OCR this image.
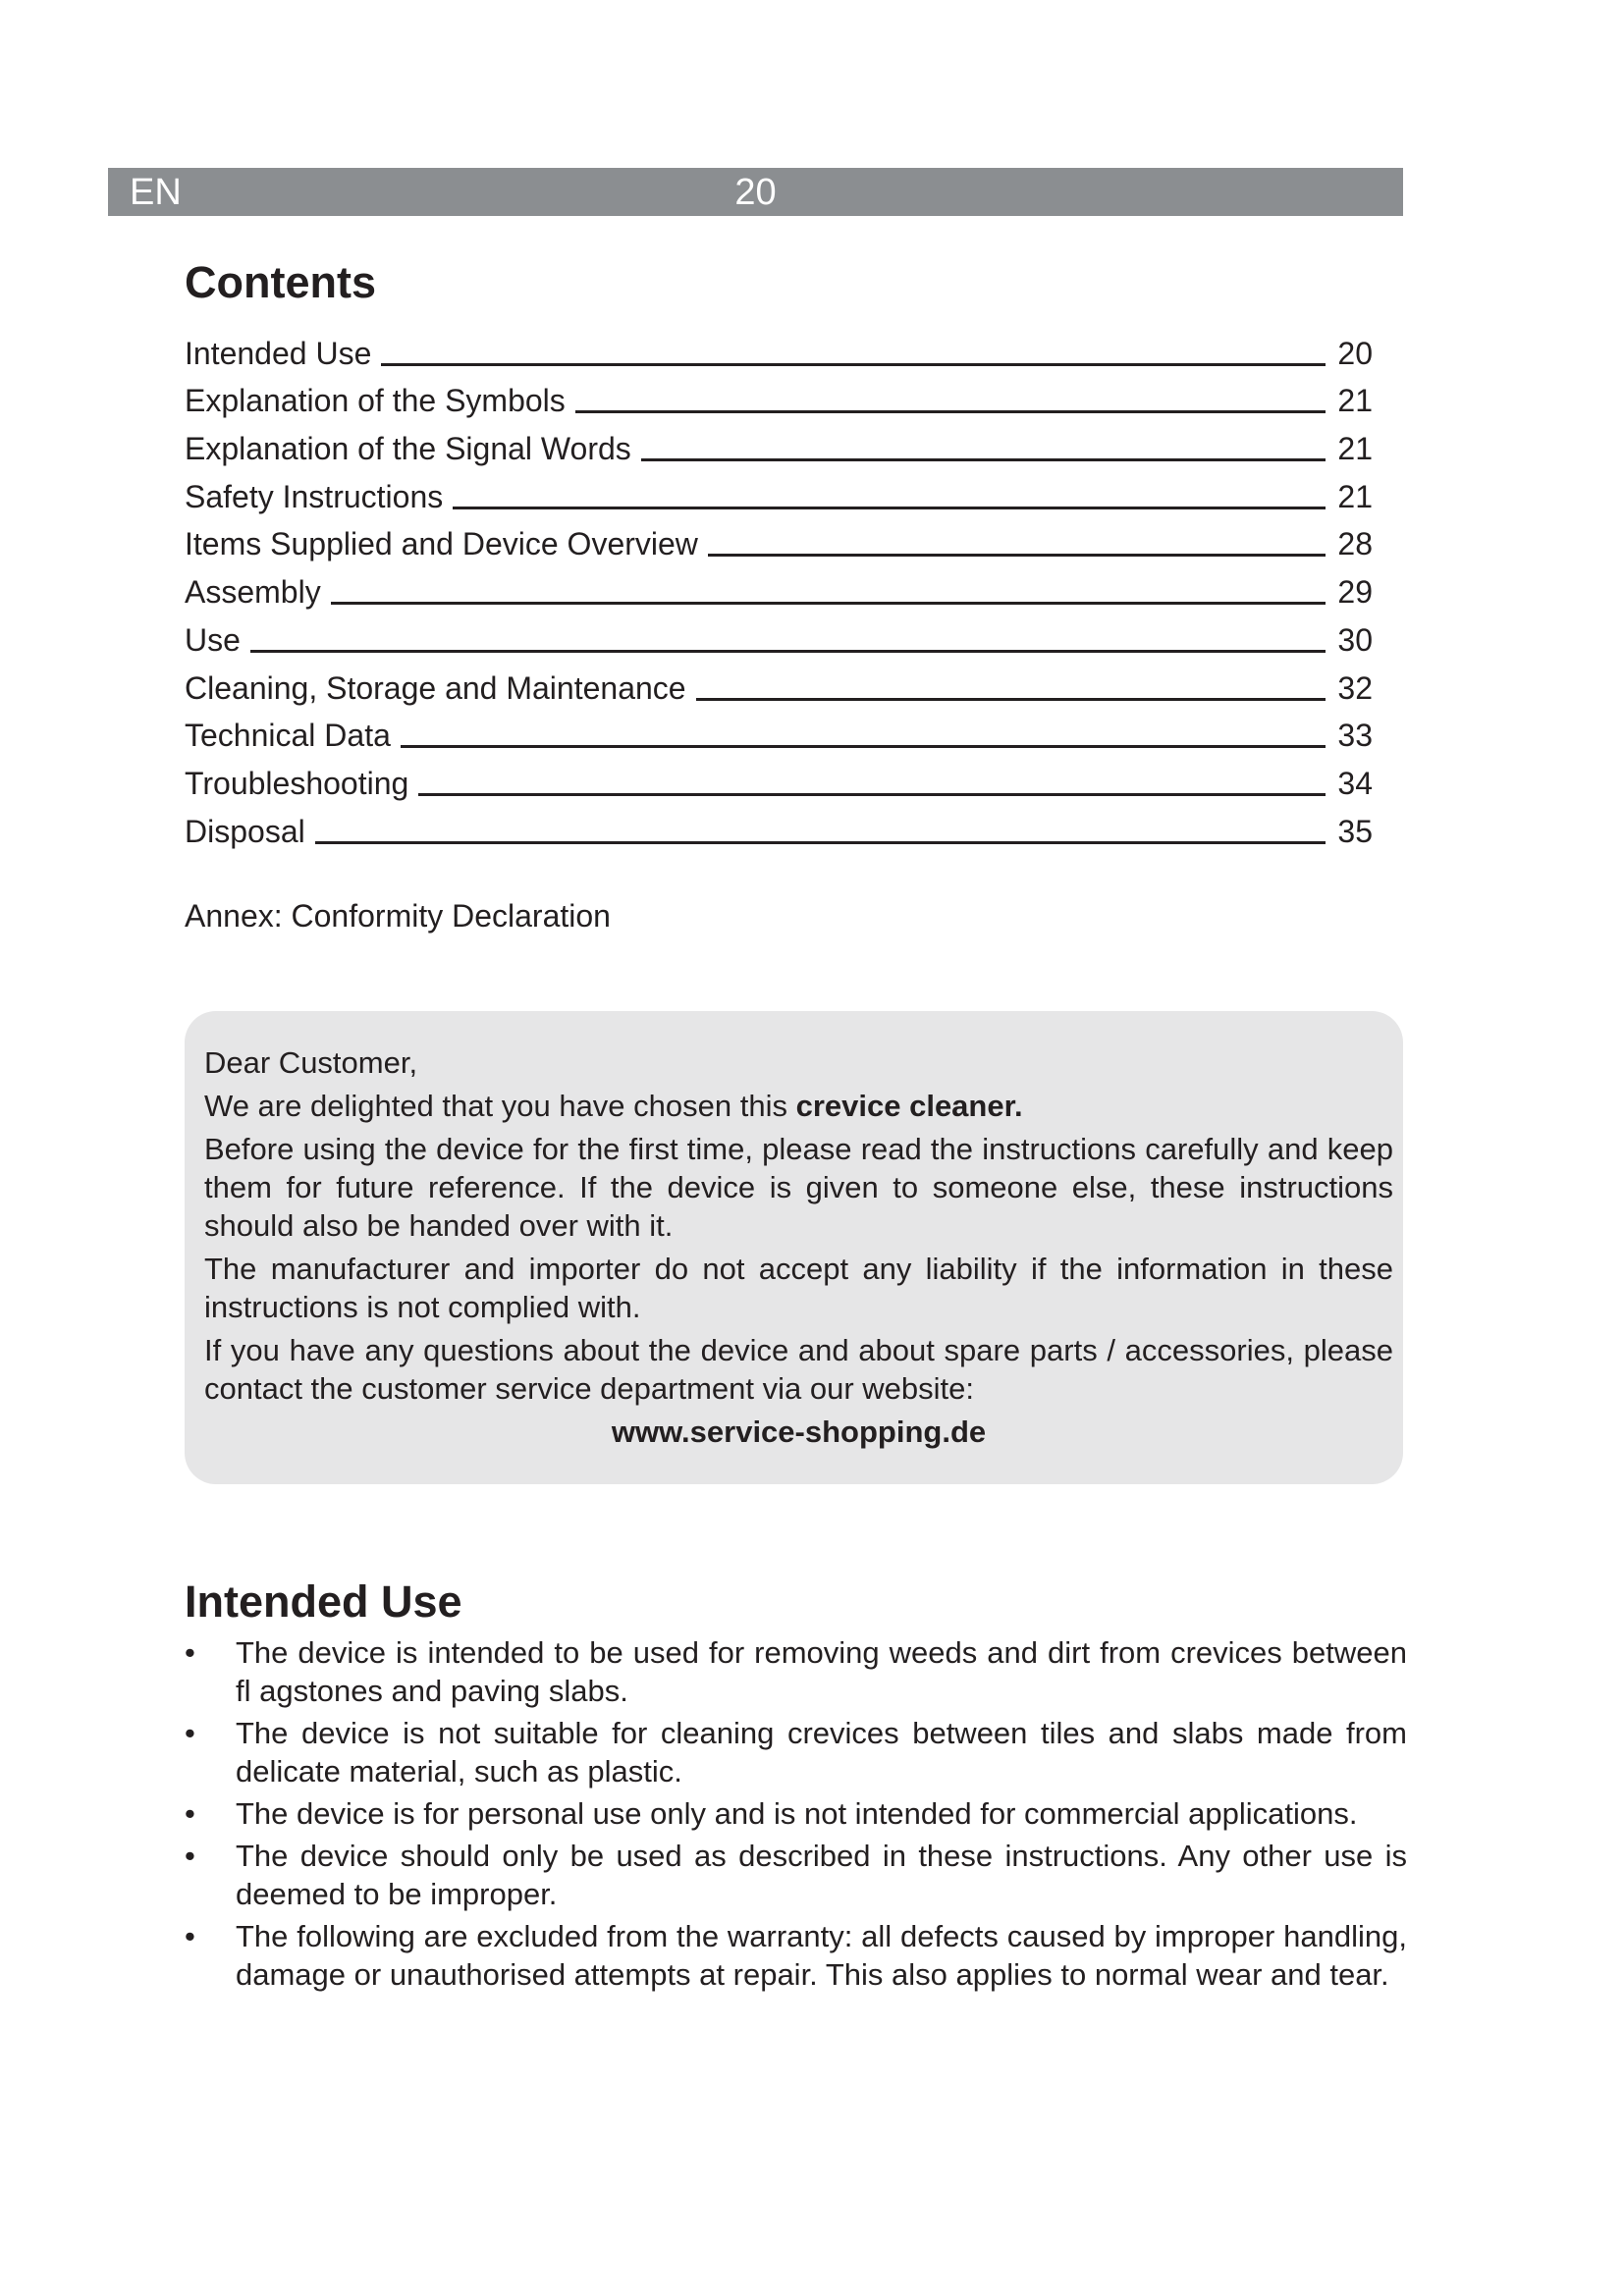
EN	20
Contents
Intended Use	20
Explanation of the Symbols	21
Explanation of the Signal Words	21
Safety Instructions	21
Items Supplied and Device Overview	28
Assembly	29
Use	30
Cleaning, Storage and Maintenance	32
Technical Data	33
Troubleshooting	34
Disposal	35
Annex: Conformity Declaration

Dear Customer,

We are delighted that you have chosen this crevice cleaner.

Before using the device for the first time, please read the instructions carefully and keep them for future reference. If the device is given to someone else, these instructions should also be handed over with it.

The manufacturer and importer do not accept any liability if the information in these instructions is not complied with.

If you have any questions about the device and about spare parts / accessories, please contact the customer service department via our website:

www.service-shopping.de

Intended Use
• The device is intended to be used for removing weeds and dirt from crevices between fl agstones and paving slabs.
• The device is not suitable for cleaning crevices between tiles and slabs made from delicate material, such as plastic.
• The device is for personal use only and is not intended for commercial applications.
• The device should only be used as described in these instructions. Any other use is deemed to be improper.
• The following are excluded from the warranty: all defects caused by improper handling, damage or unauthorised attempts at repair. This also applies to normal wear and tear.
